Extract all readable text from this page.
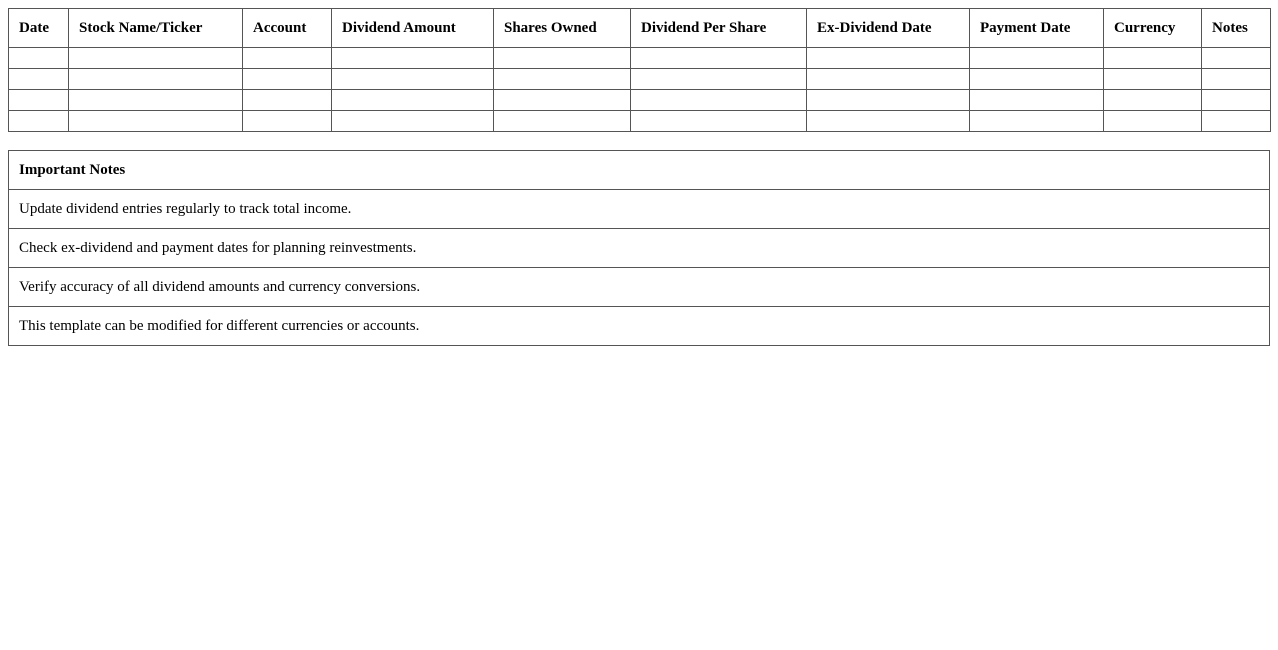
Date	Stock Name/Ticker	Account	Dividend Amount	Shares Owned	Dividend Per Share	Ex-Dividend Date	Payment Date	Currency	Notes

Important Notes
Update dividend entries regularly to track total income.
Check ex-dividend and payment dates for planning reinvestments.
Verify accuracy of all dividend amounts and currency conversions.
This template can be modified for different currencies or accounts.
